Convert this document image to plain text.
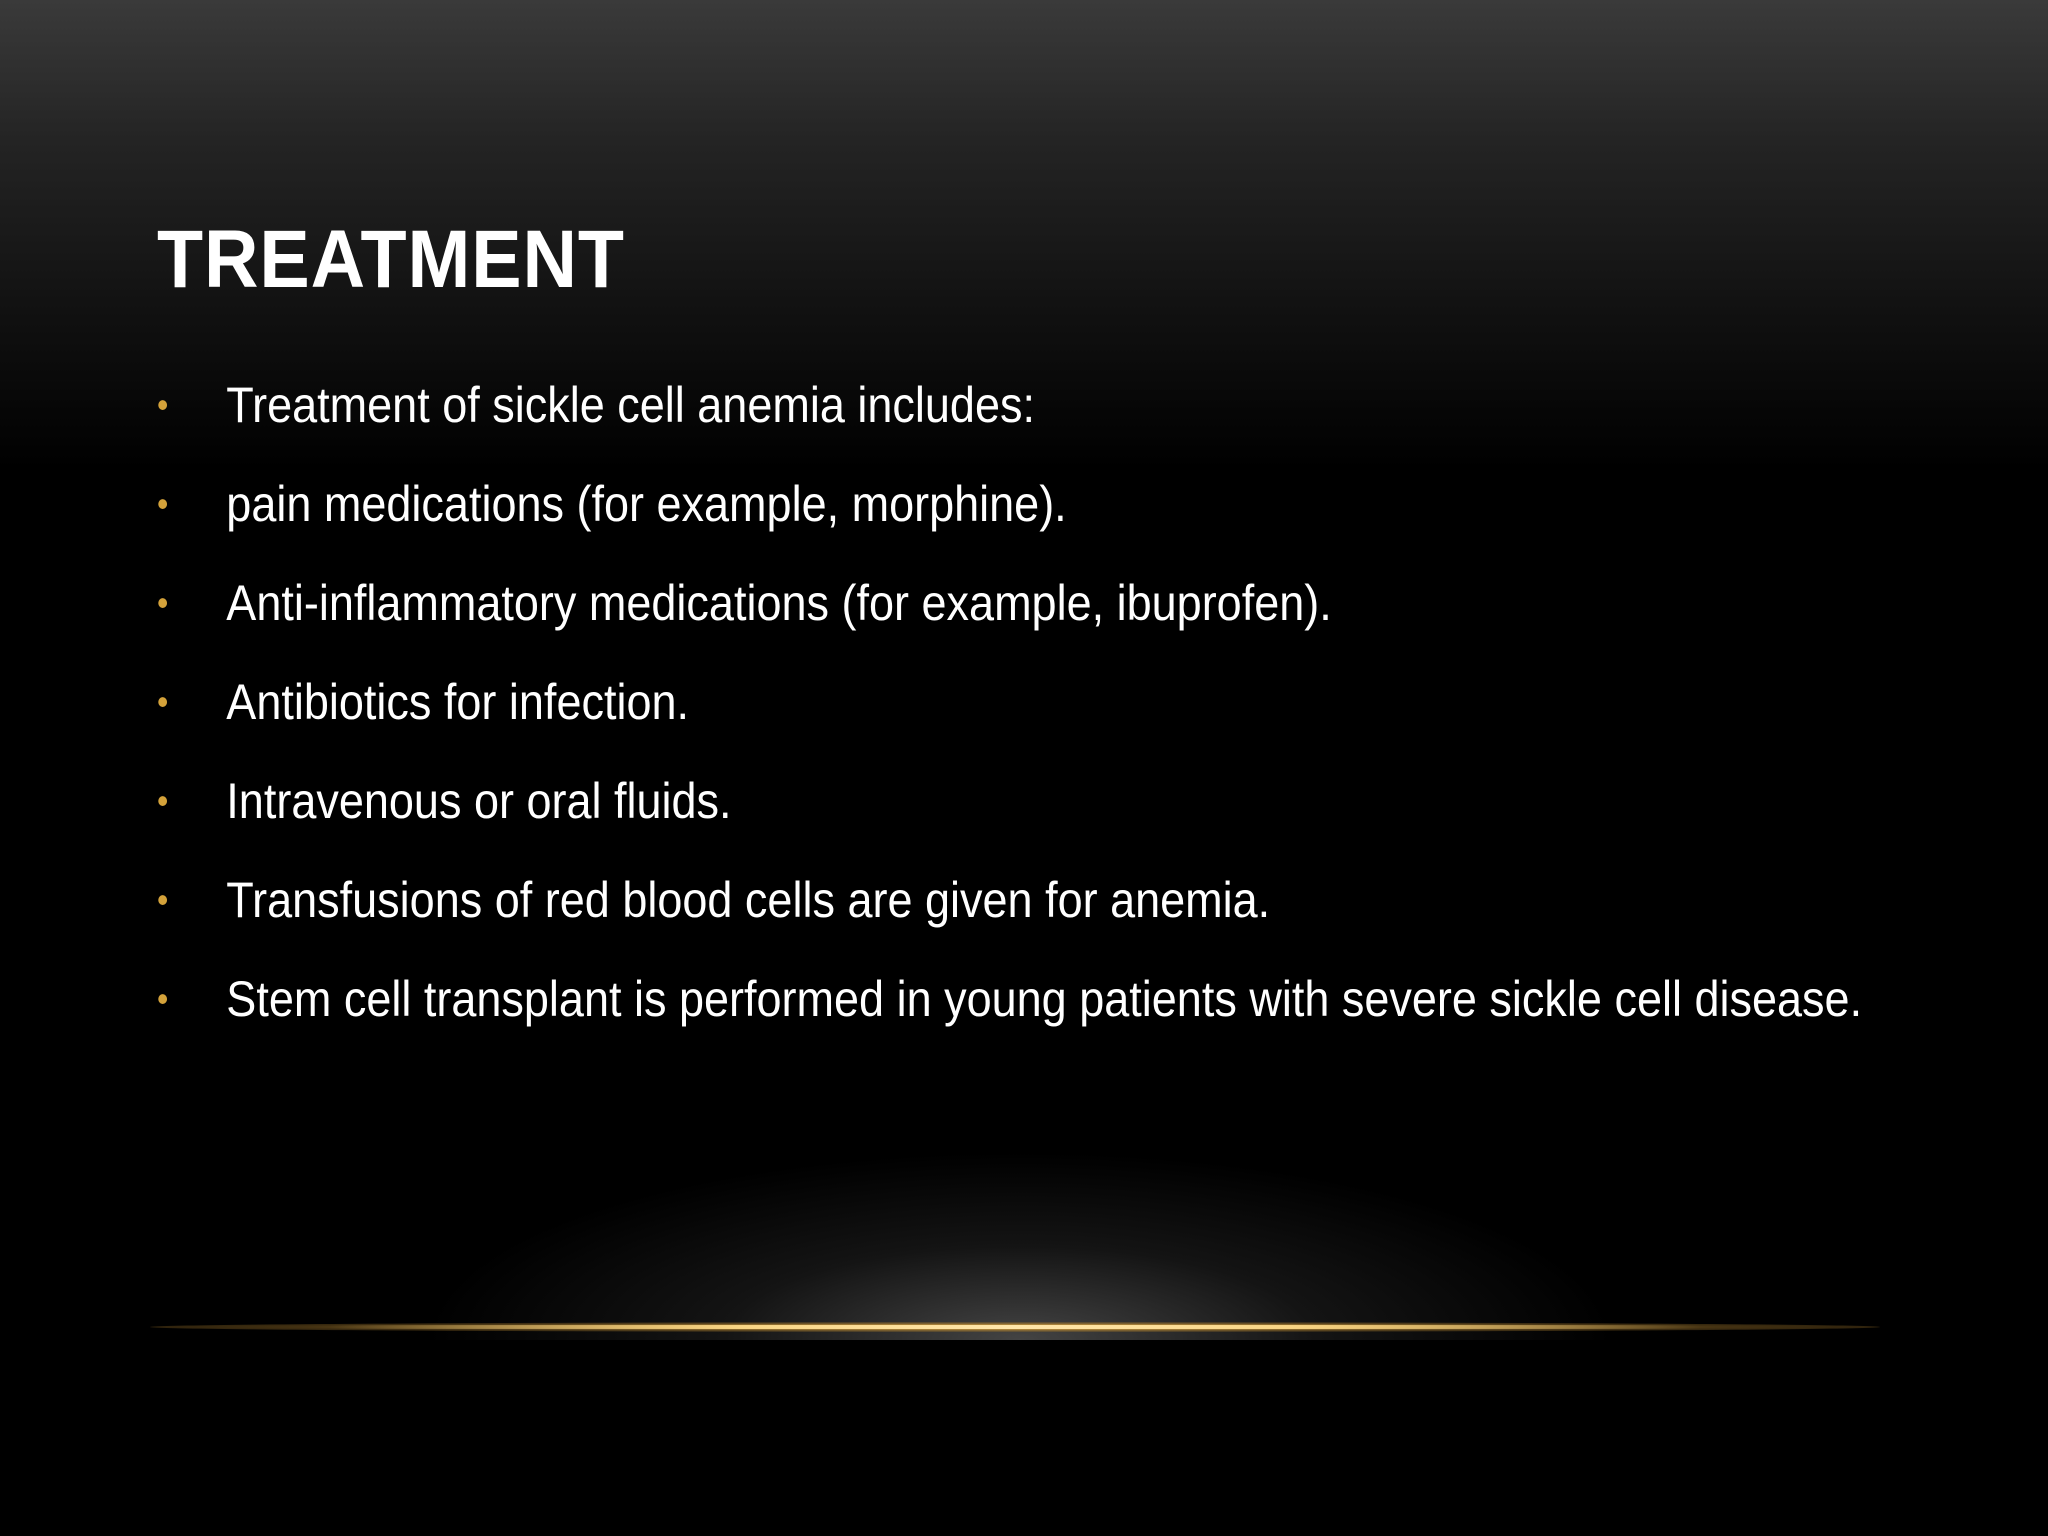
TREATMENT
• Treatment of sickle cell anemia includes:
• pain medications (for example, morphine).
• Anti-inflammatory medications (for example, ibuprofen).
• Antibiotics for infection.
• Intravenous or oral fluids.
• Transfusions of red blood cells are given for anemia.
• Stem cell transplant is performed in young patients with severe sickle cell disease.
